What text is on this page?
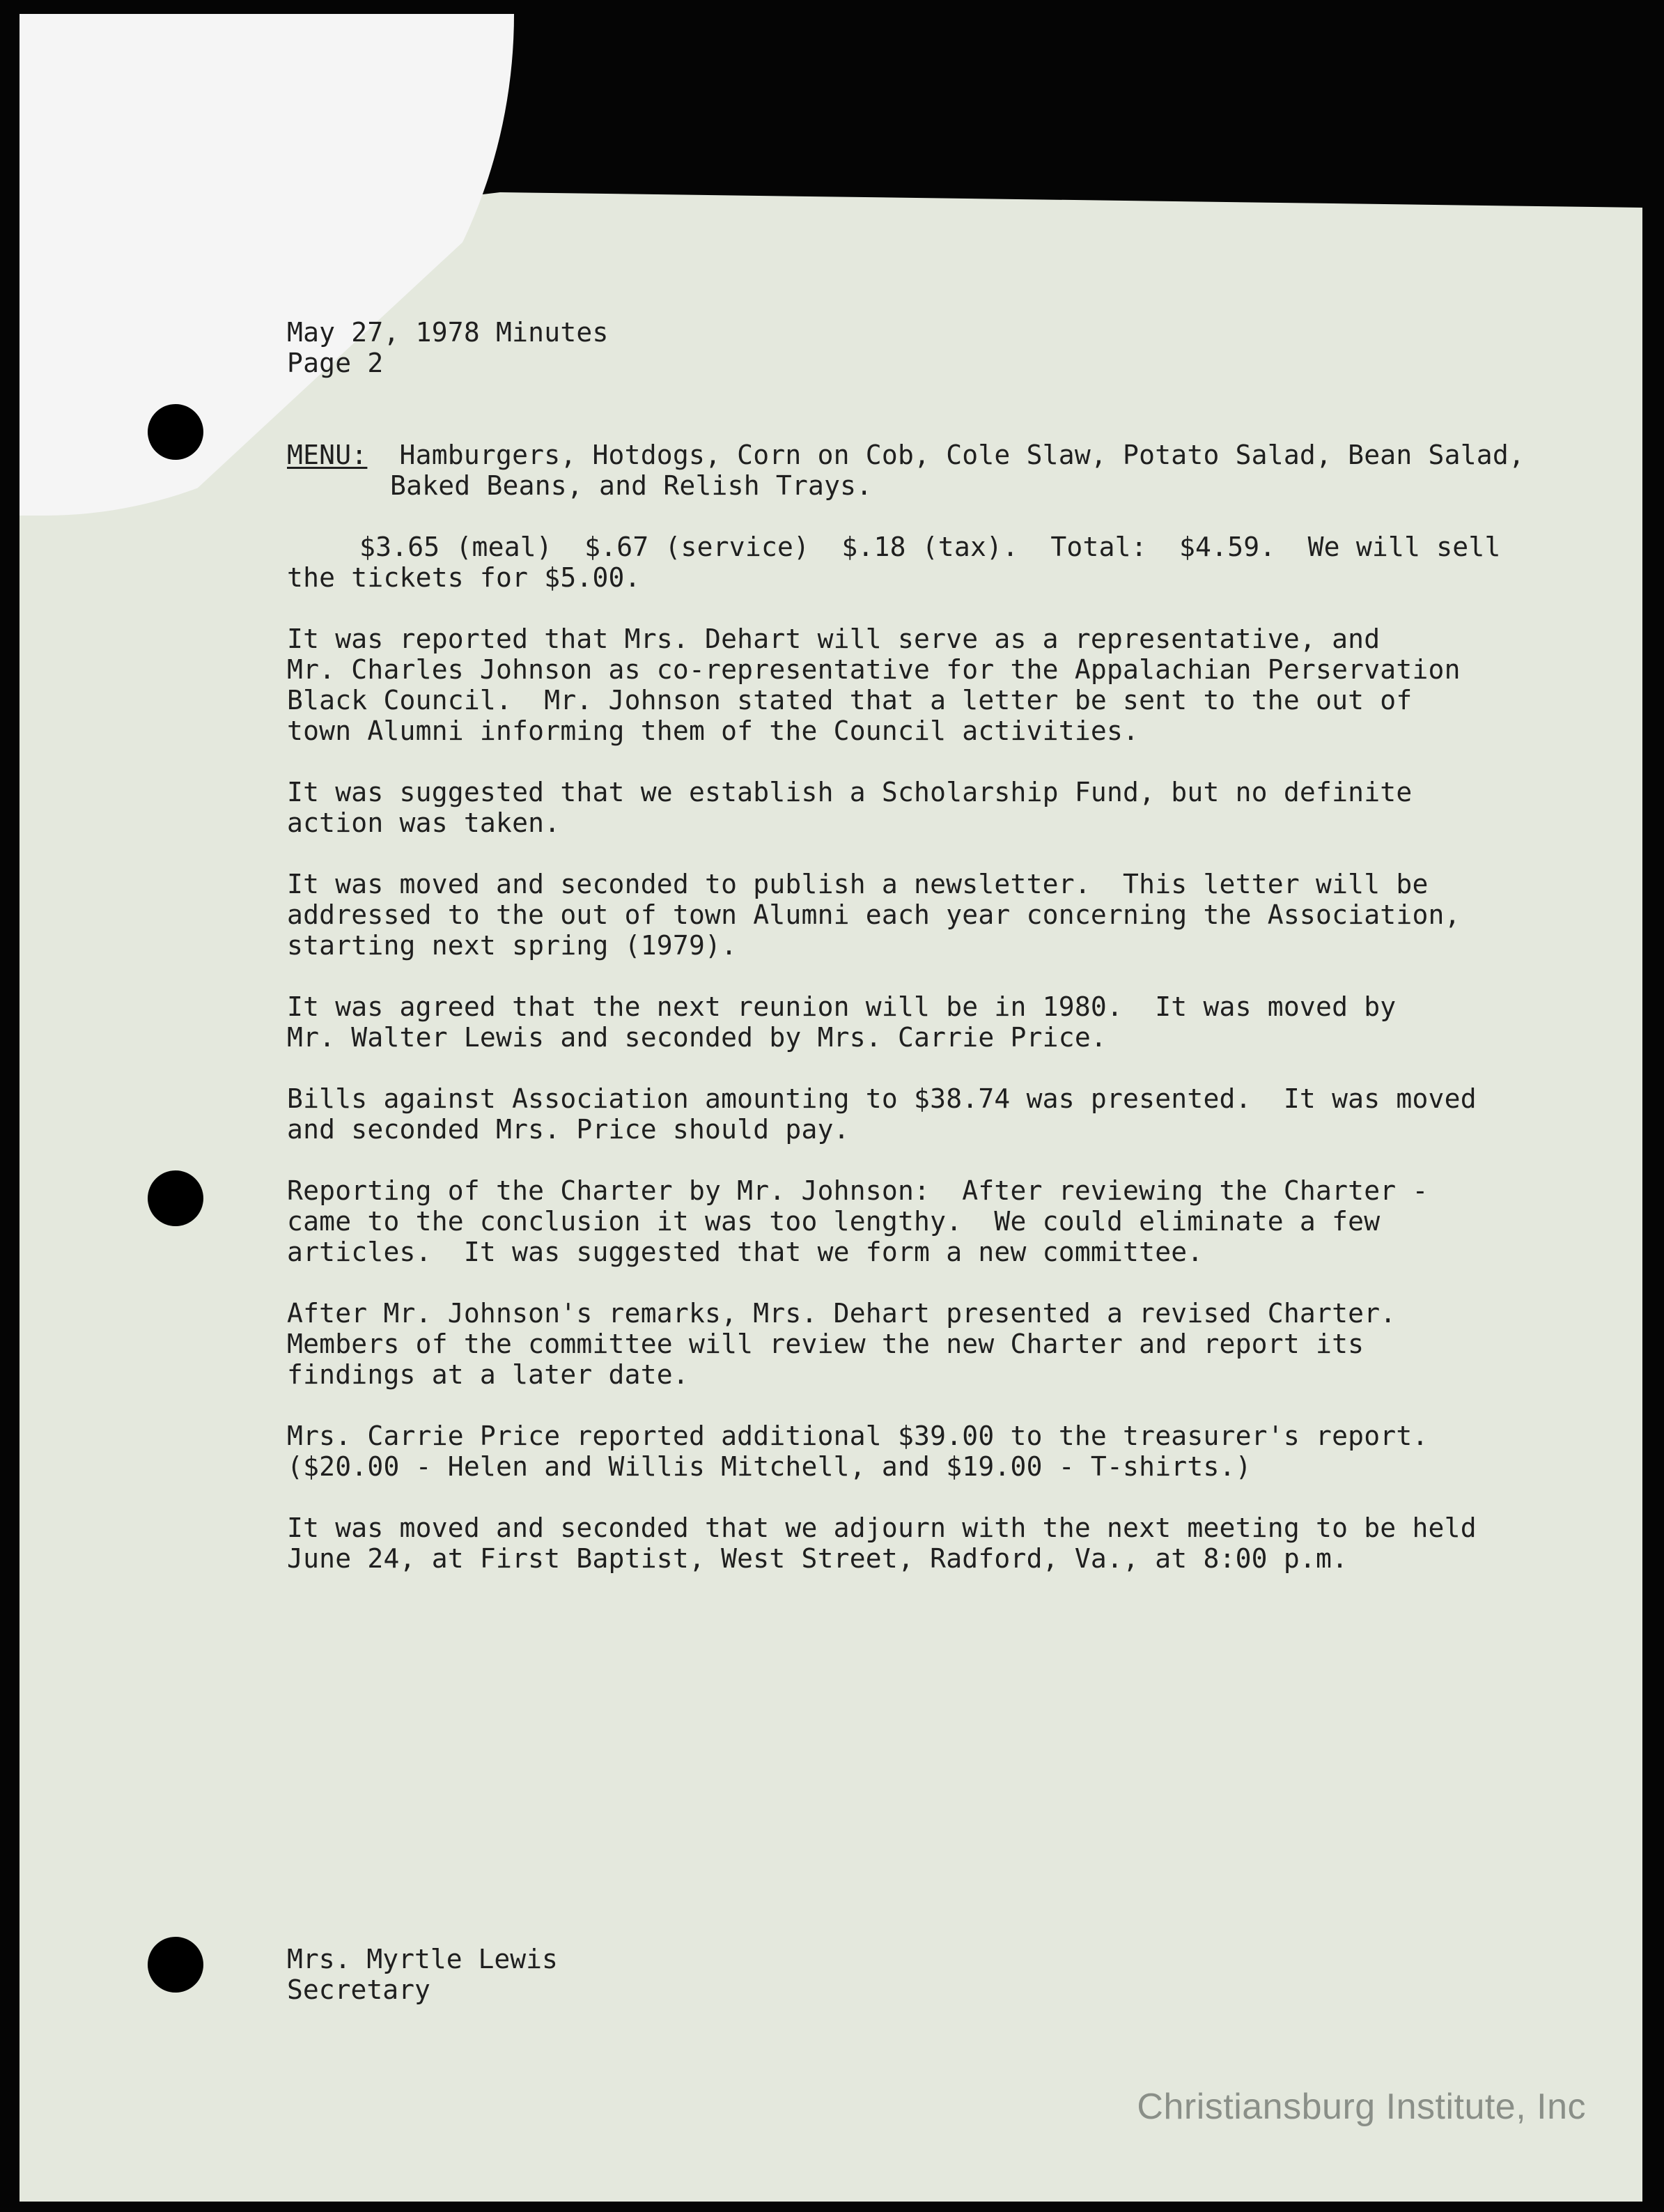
May 27, 1978 Minutes
Page 2
MENU: Hamburgers, Hotdogs, Corn on Cob, Cole Slaw, Potato Salad, Bean Salad,
Baked Beans, and Relish Trays.
$3.65 (meal)  $.67 (service)  $.18 (tax).  Total:  $4.59.  We will sell
the tickets for $5.00.
It was reported that Mrs. Dehart will serve as a representative, and
Mr. Charles Johnson as co-representative for the Appalachian Perservation
Black Council.  Mr. Johnson stated that a letter be sent to the out of
town Alumni informing them of the Council activities.
It was suggested that we establish a Scholarship Fund, but no definite
action was taken.
It was moved and seconded to publish a newsletter.  This letter will be
addressed to the out of town Alumni each year concerning the Association,
starting next spring (1979).
It was agreed that the next reunion will be in 1980.  It was moved by
Mr. Walter Lewis and seconded by Mrs. Carrie Price.
Bills against Association amounting to $38.74 was presented.  It was moved
and seconded Mrs. Price should pay.
Reporting of the Charter by Mr. Johnson:  After reviewing the Charter -
came to the conclusion it was too lengthy.  We could eliminate a few
articles.  It was suggested that we form a new committee.
After Mr. Johnson's remarks, Mrs. Dehart presented a revised Charter.
Members of the committee will review the new Charter and report its
findings at a later date.
Mrs. Carrie Price reported additional $39.00 to the treasurer's report.
($20.00 - Helen and Willis Mitchell, and $19.00 - T-shirts.)
It was moved and seconded that we adjourn with the next meeting to be held
June 24, at First Baptist, West Street, Radford, Va., at 8:00 p.m.
Mrs. Myrtle Lewis
Secretary
Christiansburg Institute, Inc
